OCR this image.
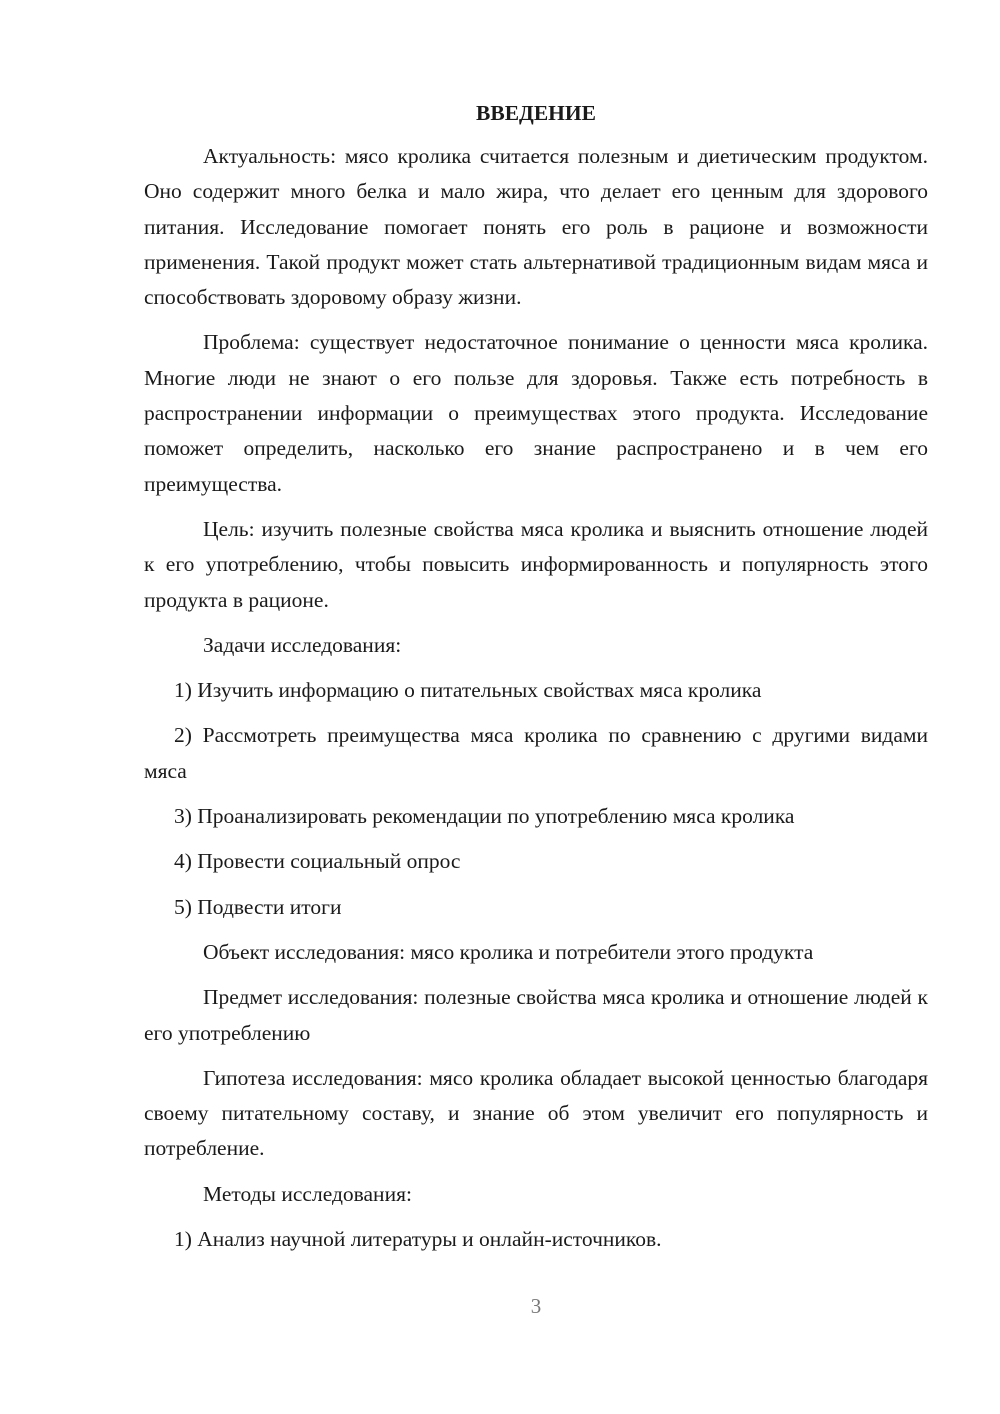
ВВЕДЕНИЕ

Актуальность: мясо кролика считается полезным и диетическим продуктом. Оно содержит много белка и мало жира, что делает его ценным для здорового питания. Исследование помогает понять его роль в рационе и возможности применения. Такой продукт может стать альтернативой традиционным видам мяса и способствовать здоровому образу жизни.

Проблема: существует недостаточное понимание о ценности мяса кролика. Многие люди не знают о его пользе для здоровья. Также есть потребность в распространении информации о преимуществах этого продукта. Исследование поможет определить, насколько его знание распространено и в чем его преимущества.

Цель: изучить полезные свойства мяса кролика и выяснить отношение людей к его употреблению, чтобы повысить информированность и популярность этого продукта в рационе.

Задачи исследования:

1) Изучить информацию о питательных свойствах мяса кролика

2) Рассмотреть преимущества мяса кролика по сравнению с другими видами мяса

3) Проанализировать рекомендации по употреблению мяса кролика

4) Провести социальный опрос

5) Подвести итоги

Объект исследования: мясо кролика и потребители этого продукта

Предмет исследования: полезные свойства мяса кролика и отношение людей к его употреблению

Гипотеза исследования: мясо кролика обладает высокой ценностью благодаря своему питательному составу, и знание об этом увеличит его популярность и потребление.

Методы исследования:

1) Анализ научной литературы и онлайн-источников.

3
